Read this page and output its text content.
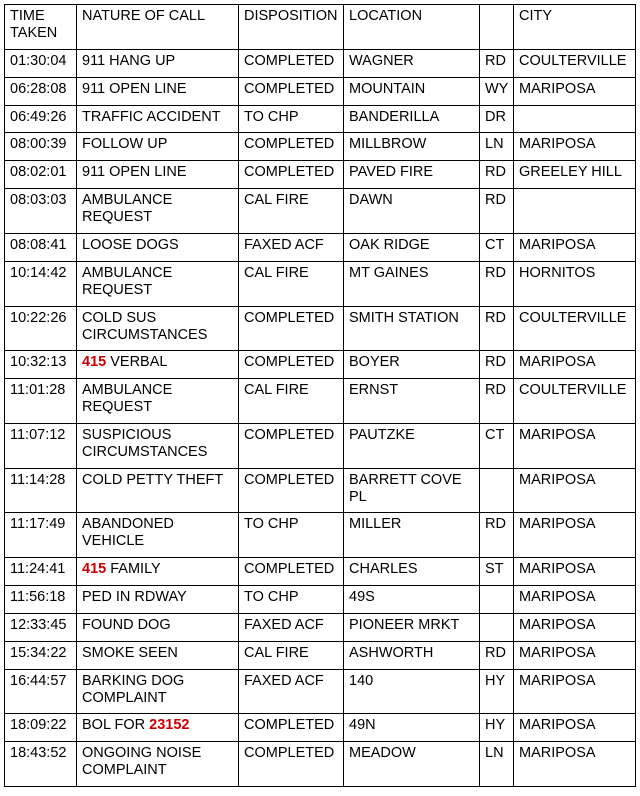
TIME TAKEN	NATURE OF CALL	DISPOSITION	LOCATION		CITY
01:30:04	911 HANG UP	COMPLETED	WAGNER	RD	COULTERVILLE
06:28:08	911 OPEN LINE	COMPLETED	MOUNTAIN	WY	MARIPOSA
06:49:26	TRAFFIC ACCIDENT	TO CHP	BANDERILLA	DR	
08:00:39	FOLLOW UP	COMPLETED	MILLBROW	LN	MARIPOSA
08:02:01	911 OPEN LINE	COMPLETED	PAVED FIRE	RD	GREELEY HILL
08:03:03	AMBULANCE REQUEST	CAL FIRE	DAWN	RD	
08:08:41	LOOSE DOGS	FAXED ACF	OAK RIDGE	CT	MARIPOSA
10:14:42	AMBULANCE REQUEST	CAL FIRE	MT GAINES	RD	HORNITOS
10:22:26	COLD SUS CIRCUMSTANCES	COMPLETED	SMITH STATION	RD	COULTERVILLE
10:32:13	415 VERBAL	COMPLETED	BOYER	RD	MARIPOSA
11:01:28	AMBULANCE REQUEST	CAL FIRE	ERNST	RD	COULTERVILLE
11:07:12	SUSPICIOUS CIRCUMSTANCES	COMPLETED	PAUTZKE	CT	MARIPOSA
11:14:28	COLD PETTY THEFT	COMPLETED	BARRETT COVE PL		MARIPOSA
11:17:49	ABANDONED VEHICLE	TO CHP	MILLER	RD	MARIPOSA
11:24:41	415 FAMILY	COMPLETED	CHARLES	ST	MARIPOSA
11:56:18	PED IN RDWAY	TO CHP	49S		MARIPOSA
12:33:45	FOUND DOG	FAXED ACF	PIONEER MRKT		MARIPOSA
15:34:22	SMOKE SEEN	CAL FIRE	ASHWORTH	RD	MARIPOSA
16:44:57	BARKING DOG COMPLAINT	FAXED ACF	140	HY	MARIPOSA
18:09:22	BOL FOR 23152	COMPLETED	49N	HY	MARIPOSA
18:43:52	ONGOING NOISE COMPLAINT	COMPLETED	MEADOW	LN	MARIPOSA
